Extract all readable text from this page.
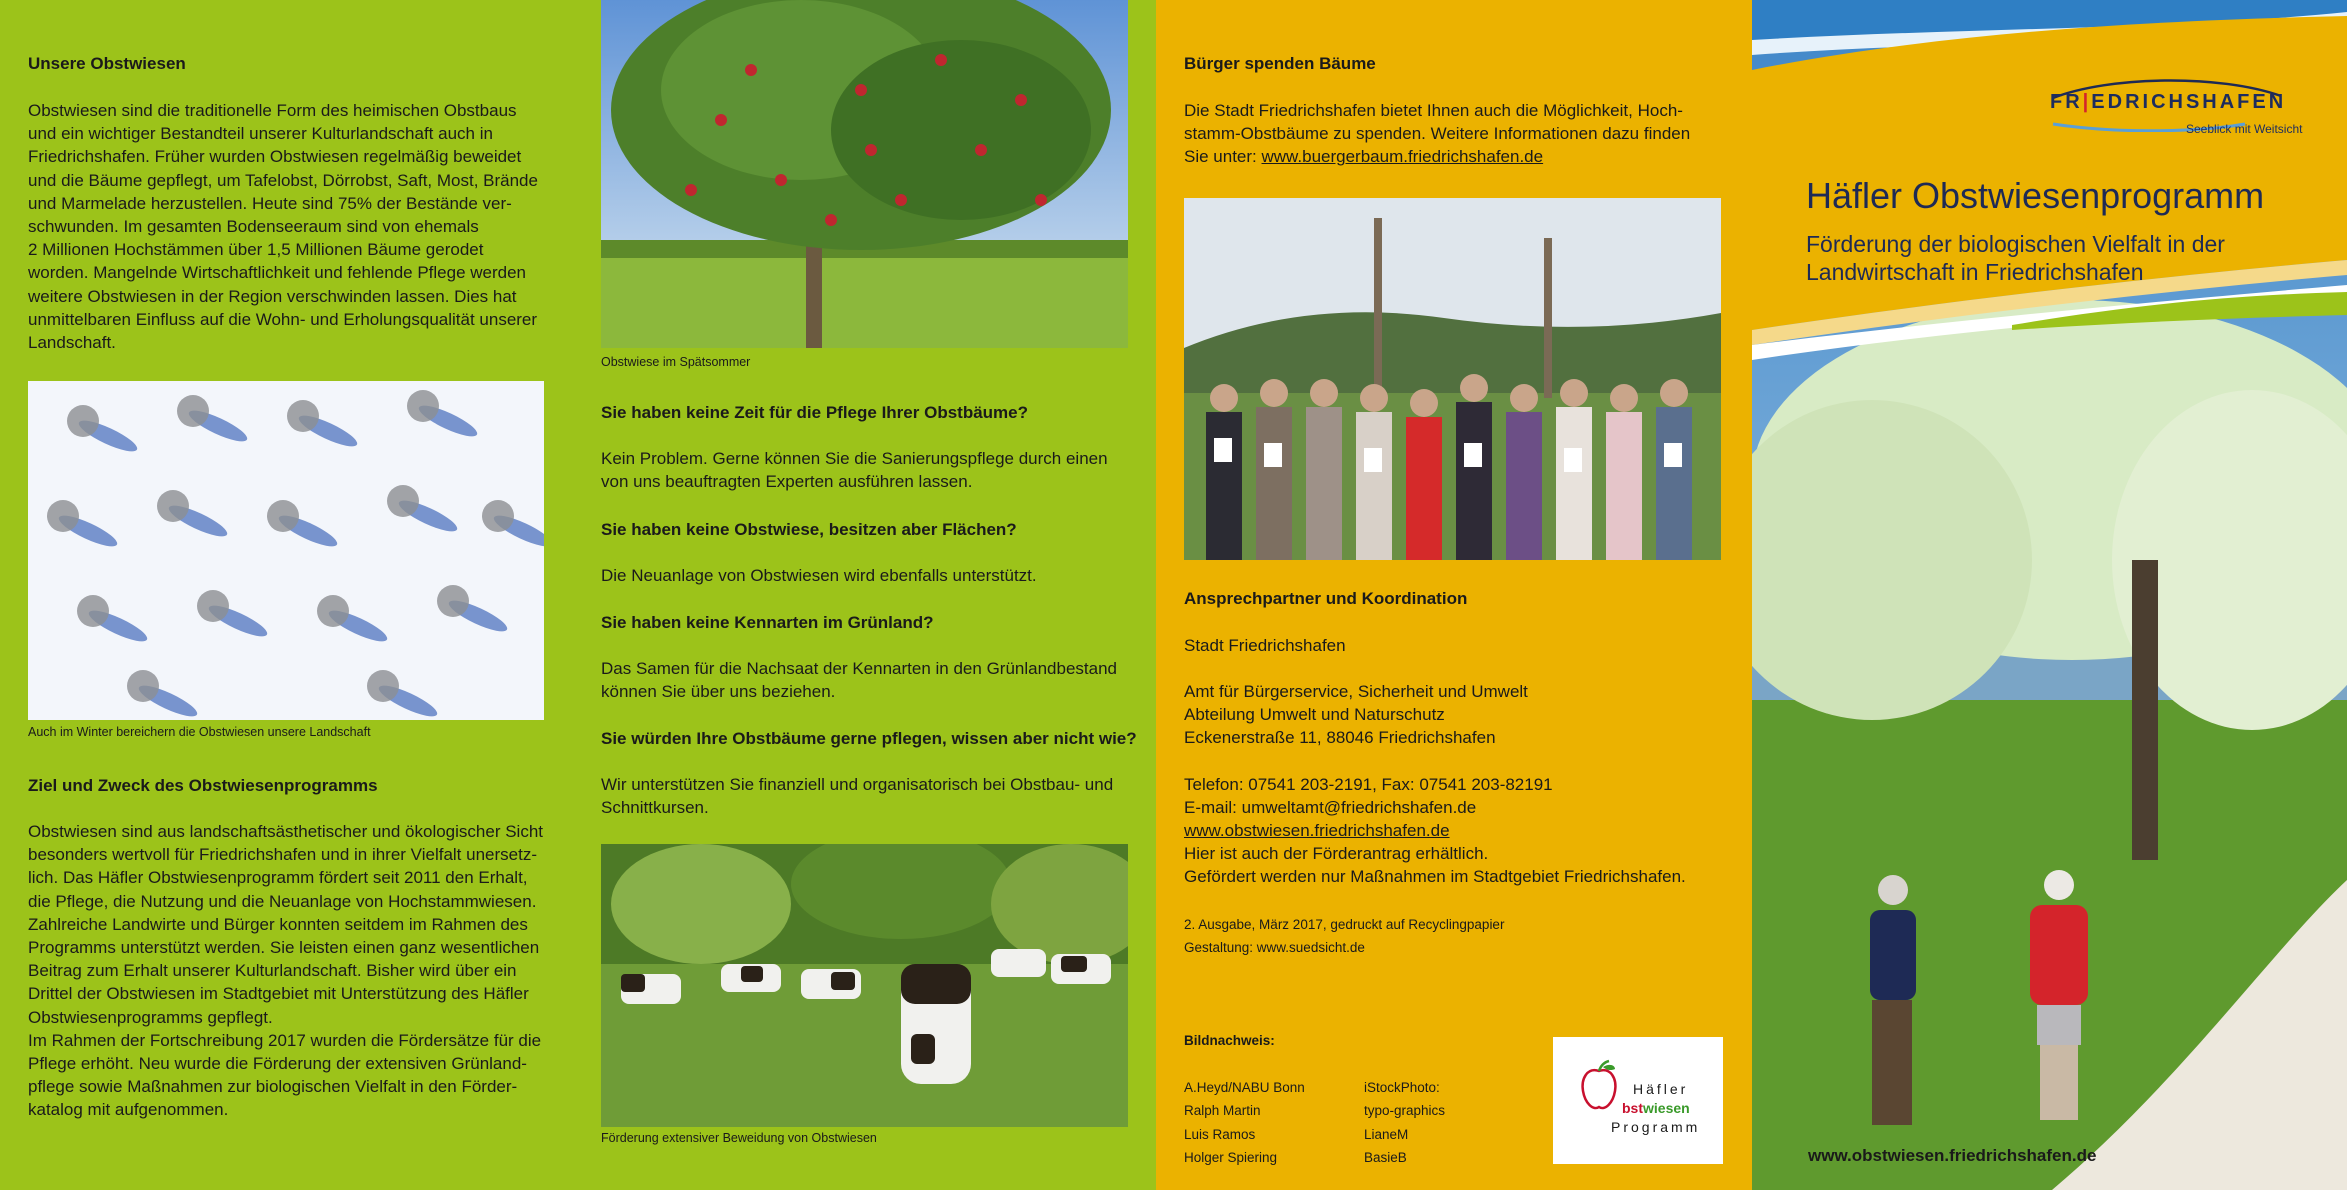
Unsere Obstwiesen
Obstwiesen sind die traditionelle Form des heimischen Obstbaus
und ein wichtiger Bestandteil unserer Kulturlandschaft auch in
Friedrichshafen. Früher wurden Obstwiesen regelmäßig beweidet
und die Bäume gepflegt, um Tafelobst, Dörrobst, Saft, Most, Brände
und Marmelade herzustellen. Heute sind 75% der Bestände ver-
schwunden. Im gesamten Bodenseeraum sind von ehemals
2 Millionen Hochstämmen über 1,5 Millionen Bäume gerodet
worden. Mangelnde Wirtschaftlichkeit und fehlende Pflege werden
weitere Obstwiesen in der Region verschwinden lassen. Dies hat
unmittelbaren Einfluss auf die Wohn- und Erholungsqualität unserer
Landschaft.
Auch im Winter bereichern die Obstwiesen unsere Landschaft
Ziel und Zweck des Obstwiesenprogramms
Obstwiesen sind aus landschaftsästhetischer und ökologischer Sicht
besonders wertvoll für Friedrichshafen und in ihrer Vielfalt unersetz-
lich. Das Häfler Obstwiesenprogramm fördert seit 2011 den Erhalt,
die Pflege, die Nutzung und die Neuanlage von Hochstammwiesen.
Zahlreiche Landwirte und Bürger konnten seitdem im Rahmen des
Programms unterstützt werden. Sie leisten einen ganz wesentlichen
Beitrag zum Erhalt unserer Kulturlandschaft. Bisher wird über ein
Drittel der Obstwiesen im Stadtgebiet mit Unterstützung des Häfler
Obstwiesenprogramms gepflegt.
Im Rahmen der Fortschreibung 2017 wurden die Fördersätze für die
Pflege erhöht. Neu wurde die Förderung der extensiven Grünland-
pflege sowie Maßnahmen zur biologischen Vielfalt in den Förder-
katalog mit aufgenommen.
Obstwiese im Spätsommer
Sie haben keine Zeit für die Pflege Ihrer Obstbäume?
Kein Problem. Gerne können Sie die Sanierungspflege durch einen
von uns beauftragten Experten ausführen lassen.
Sie haben keine Obstwiese, besitzen aber Flächen?
Die Neuanlage von Obstwiesen wird ebenfalls unterstützt.
Sie haben keine Kennarten im Grünland?
Das Samen für die Nachsaat der Kennarten in den Grünlandbestand
können Sie über uns beziehen.
Sie würden Ihre Obstbäume gerne pflegen, wissen aber nicht wie?
Wir unterstützen Sie finanziell und organisatorisch bei Obstbau- und
Schnittkursen.
Förderung extensiver Beweidung von Obstwiesen
Bürger spenden Bäume
Die Stadt Friedrichshafen bietet Ihnen auch die Möglichkeit, Hoch-
stamm-Obstbäume zu spenden. Weitere Informationen dazu finden
Sie unter: www.buergerbaum.friedrichshafen.de
Ansprechpartner und Koordination
Stadt Friedrichshafen
Amt für Bürgerservice, Sicherheit und Umwelt
Abteilung Umwelt und Naturschutz
Eckenerstraße 11, 88046 Friedrichshafen
Telefon: 07541 203-2191, Fax: 07541 203-82191
E-mail: umweltamt@friedrichshafen.de
www.obstwiesen.friedrichshafen.de
Hier ist auch der Förderantrag erhältlich.
Gefördert werden nur Maßnahmen im Stadtgebiet Friedrichshafen.
2. Ausgabe, März 2017, gedruckt auf Recyclingpapier
Gestaltung: www.suedsicht.de
Bildnachweis:
A.Heyd/NABU Bonn
Ralph Martin
Luis Ramos
Holger Spiering
iStockPhoto:
typo-graphics
LianeM
BasieB
Häfler
bstwiesen
Programm
FR|EDRICHSHAFEN
Seeblick mit Weitsicht
Häfler Obstwiesenprogramm
Förderung der biologischen Vielfalt in der
Landwirtschaft in Friedrichshafen
www.obstwiesen.friedrichshafen.de
